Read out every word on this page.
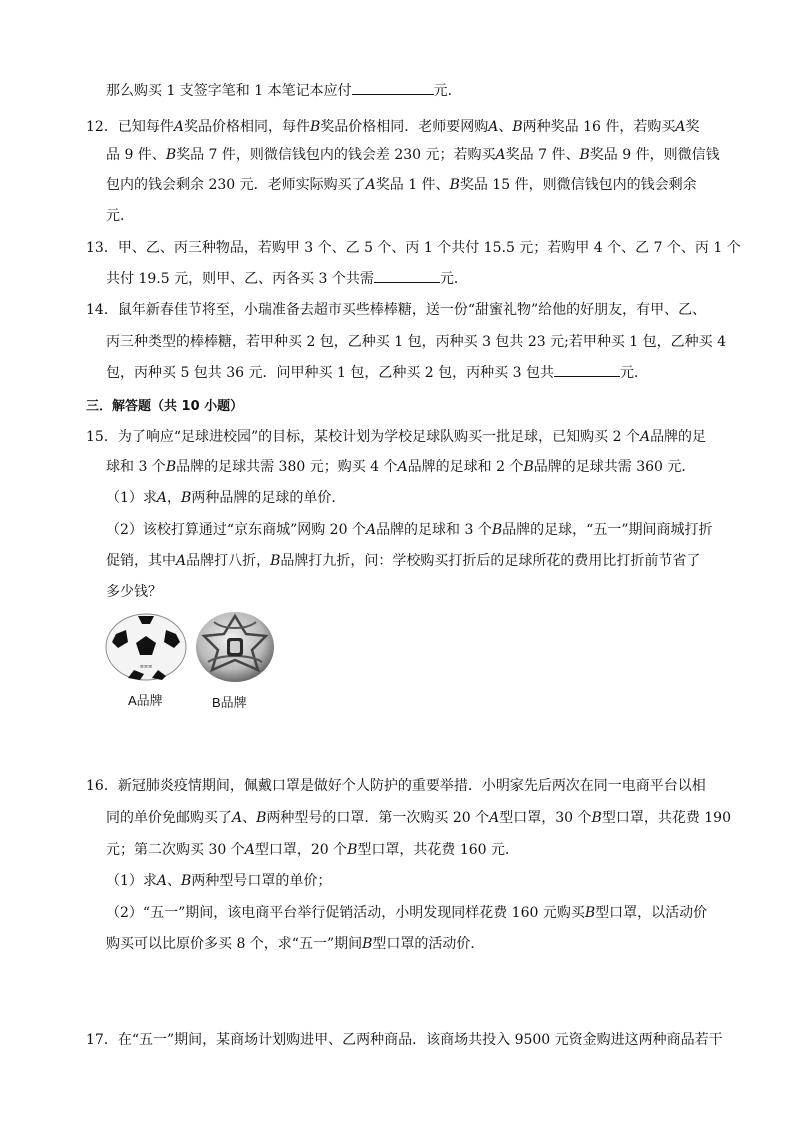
那么购买 1 支签字笔和 1 本笔记本应付	元．
12．已知每件A奖品价格相同，每件B奖品价格相同．老师要网购A、B两种奖品 16 件，若购买A奖
品 9 件、B奖品 7 件，则微信钱包内的钱会差 230 元；若购买A奖品 7 件、B奖品 9 件，则微信钱
包内的钱会剩余 230 元．老师实际购买了A奖品 1 件、B奖品 15 件，则微信钱包内的钱会剩余
元．
13．甲、乙、丙三种物品，若购甲 3 个、乙 5 个、丙 1 个共付 15.5 元；若购甲 4 个、乙 7 个、丙 1 个
共付 19.5 元，则甲、乙、丙各买 3 个共需	元．
14．鼠年新春佳节将至，小瑞准备去超市买些棒棒糖，送一份“甜蜜礼物”给他的好朋友，有甲、乙、
丙三种类型的棒棒糖，若甲种买 2 包，乙种买 1 包，丙种买 3 包共 23 元;若甲种买 1 包，乙种买 4
包，丙种买 5 包共 36 元．问甲种买 1 包，乙种买 2 包，丙种买 3 包共	元．
三．解答题（共 10 小题）
15．为了响应“足球进校园”的目标，某校计划为学校足球队购买一批足球，已知购买 2 个A品牌的足
球和 3 个B品牌的足球共需 380 元；购买 4 个A品牌的足球和 2 个B品牌的足球共需 360 元．
（1）求A，B两种品牌的足球的单价．
（2）该校打算通过“京东商城”网购 20 个A品牌的足球和 3 个B品牌的足球，“五一”期间商城打折
促销，其中A品牌打八折，B品牌打九折，问：学校购买打折后的足球所花的费用比打折前节省了
多少钱？
≡≡≡
A品牌	B品牌
16．新冠肺炎疫情期间，佩戴口罩是做好个人防护的重要举措．小明家先后两次在同一电商平台以相
同的单价免邮购买了A、B两种型号的口罩．第一次购买 20 个A型口罩，30 个B型口罩，共花费 190
元；第二次购买 30 个A型口罩，20 个B型口罩，共花费 160 元．
（1）求A、B两种型号口罩的单价；
（2）“五一”期间，该电商平台举行促销活动，小明发现同样花费 160 元购买B型口罩，以活动价
购买可以比原价多买 8 个，求“五一”期间B型口罩的活动价．
17．在“五一”期间，某商场计划购进甲、乙两种商品．该商场共投入 9500 元资金购进这两种商品若干
